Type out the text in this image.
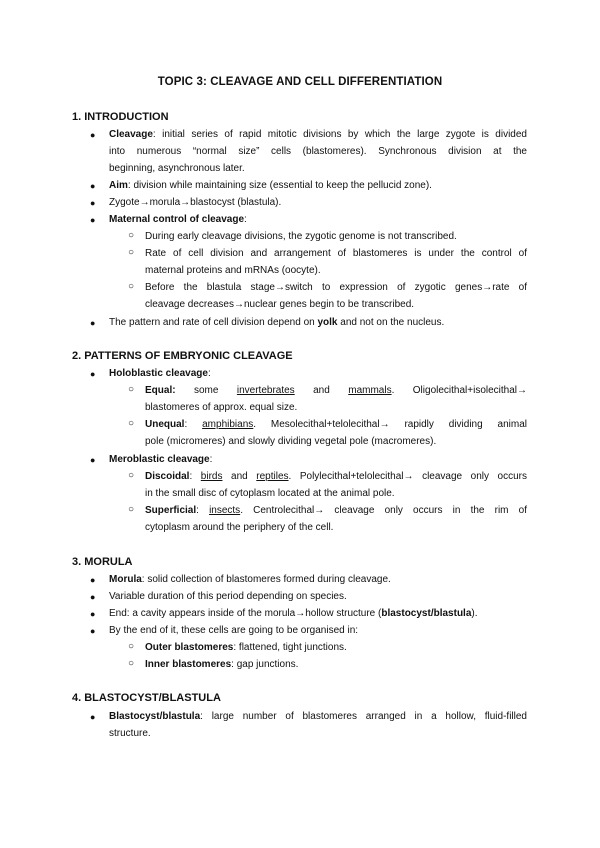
TOPIC 3: CLEAVAGE AND CELL DIFFERENTIATION
1. INTRODUCTION
● Cleavage: initial series of rapid mitotic divisions by which the large zygote is divided
into numerous “normal size” cells (blastomeres). Synchronous division at the
beginning, asynchronous later.
● Aim: division while maintaining size (essential to keep the pellucid zone).
● Zygote→morula→blastocyst (blastula).
● Maternal control of cleavage:
○ During early cleavage divisions, the zygotic genome is not transcribed.
○ Rate of cell division and arrangement of blastomeres is under the control of
maternal proteins and mRNAs (oocyte).
○ Before the blastula stage→switch to expression of zygotic genes→rate of
cleavage decreases→nuclear genes begin to be transcribed.
● The pattern and rate of cell division depend on yolk and not on the nucleus.
2. PATTERNS OF EMBRYONIC CLEAVAGE
● Holoblastic cleavage:
○ Equal: some invertebrates and mammals. Oligolecithal+isolecithal→
blastomeres of approx. equal size.
○ Unequal: amphibians. Mesolecithal+telolecithal→ rapidly dividing animal
pole (micromeres) and slowly dividing vegetal pole (macromeres).
● Meroblastic cleavage:
○ Discoidal: birds and reptiles. Polylecithal+telolecithal→ cleavage only occurs
in the small disc of cytoplasm located at the animal pole.
○ Superficial: insects. Centrolecithal→ cleavage only occurs in the rim of
cytoplasm around the periphery of the cell.
3. MORULA
● Morula: solid collection of blastomeres formed during cleavage.
● Variable duration of this period depending on species.
● End: a cavity appears inside of the morula→hollow structure (blastocyst/blastula).
● By the end of it, these cells are going to be organised in:
○ Outer blastomeres: flattened, tight junctions.
○ Inner blastomeres: gap junctions.
4. BLASTOCYST/BLASTULA
● Blastocyst/blastula: large number of blastomeres arranged in a hollow, fluid-filled
structure.
